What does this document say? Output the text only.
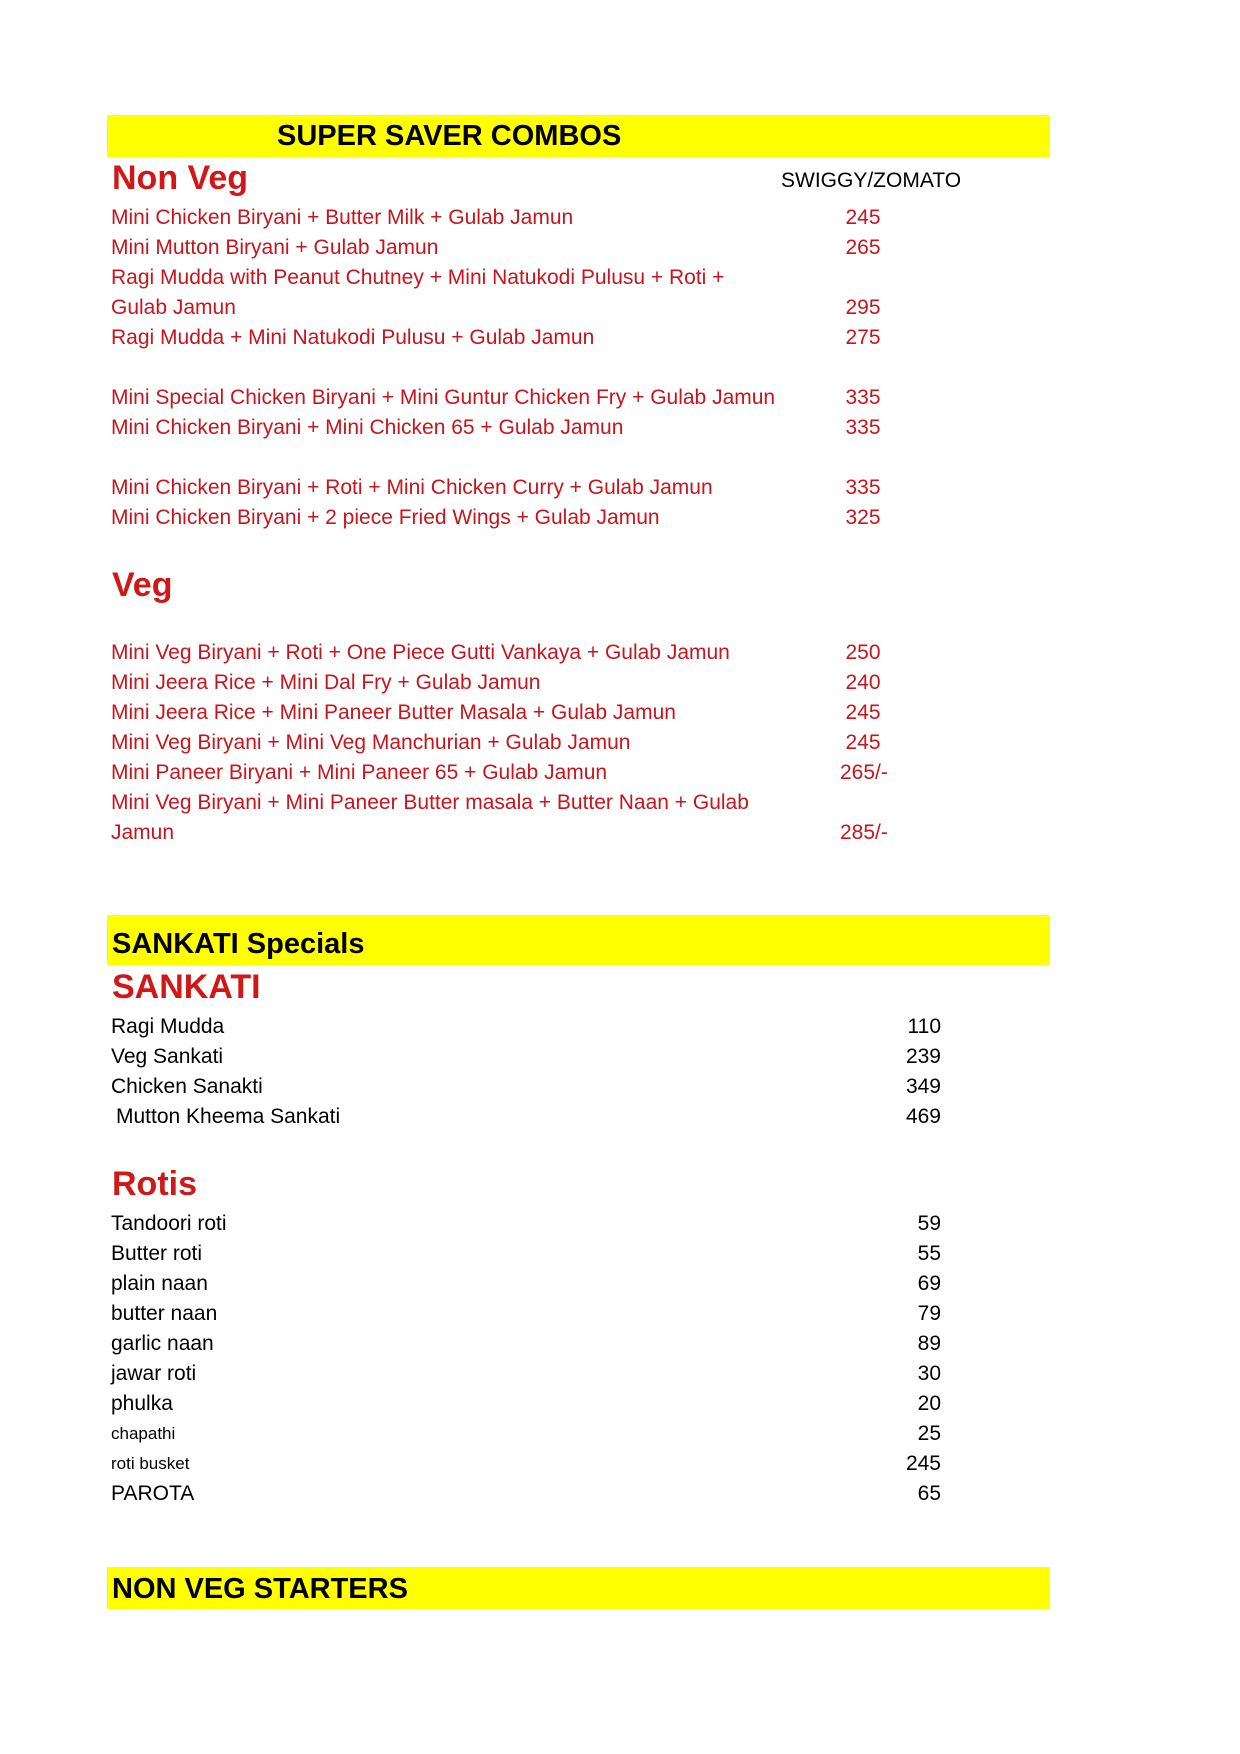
SUPER SAVER COMBOS
Non Veg	SWIGGY/ZOMATO
Mini Chicken Biryani + Butter Milk + Gulab Jamun	245
Mini Mutton Biryani + Gulab Jamun	265
Ragi Mudda with Peanut Chutney + Mini Natukodi Pulusu + Roti +
Gulab Jamun	295
Ragi Mudda + Mini Natukodi Pulusu + Gulab Jamun	275
Mini Special Chicken Biryani + Mini Guntur Chicken Fry + Gulab Jamun	335
Mini Chicken Biryani + Mini Chicken 65 + Gulab Jamun	335
Mini Chicken Biryani + Roti + Mini Chicken Curry + Gulab Jamun	335
Mini Chicken Biryani + 2 piece Fried Wings + Gulab Jamun	325
Veg
Mini Veg Biryani + Roti + One Piece Gutti Vankaya + Gulab Jamun	250
Mini Jeera Rice + Mini Dal Fry + Gulab Jamun	240
Mini Jeera Rice + Mini Paneer Butter Masala + Gulab Jamun	245
Mini Veg Biryani + Mini Veg Manchurian + Gulab Jamun	245
Mini Paneer Biryani + Mini Paneer 65 + Gulab Jamun	265/-
Mini Veg Biryani + Mini Paneer Butter masala + Butter Naan + Gulab
Jamun	285/-
SANKATI Specials
SANKATI
Ragi Mudda	110
Veg Sankati	239
Chicken Sanakti	349
Mutton Kheema Sankati	469
Rotis
Tandoori roti	59
Butter roti	55
plain naan	69
butter naan	79
garlic naan	89
jawar roti	30
phulka	20
chapathi	25
roti busket	245
PAROTA	65
NON VEG STARTERS
